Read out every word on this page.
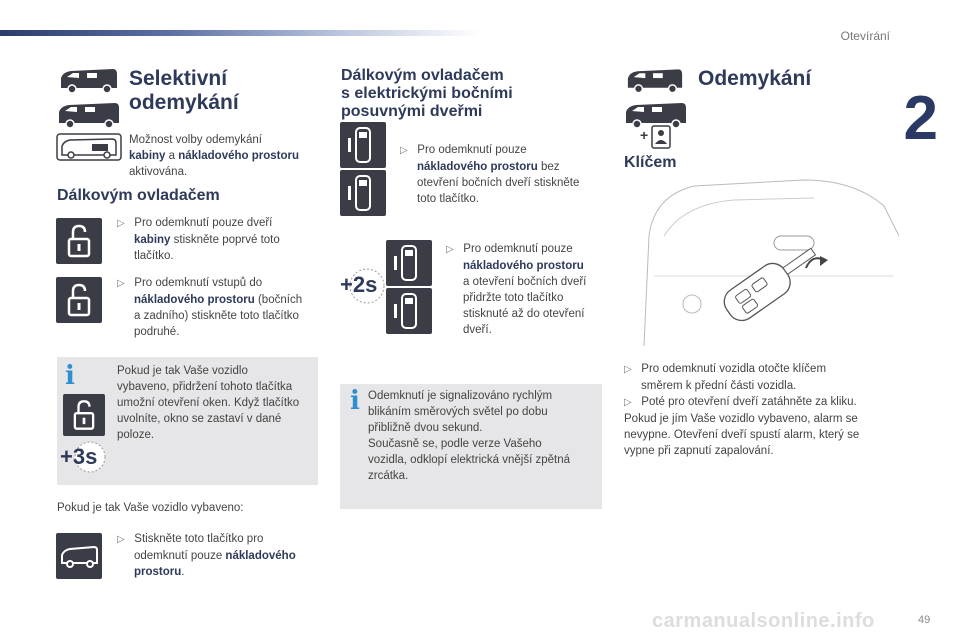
Otevírání
2
Selektivní
odemykání
Možnost volby odemykání
kabiny a nákladového prostoru
aktivována.
Dálkovým ovladačem
▷ Pro odemknutí pouze dveří
kabiny stiskněte poprvé toto
tlačítko.
▷ Pro odemknutí vstupů do
nákladového prostoru (bočních
a zadního) stiskněte toto tlačítko
podruhé.
i
+3s
Pokud je tak Vaše vozidlo
vybaveno, přidržení tohoto tlačítka
umožní otevření oken. Když tlačítko
uvolníte, okno se zastaví v dané
poloze.
Pokud je tak Vaše vozidlo vybaveno:
▷ Stiskněte toto tlačítko pro
odemknutí pouze nákladového
prostoru.
Dálkovým ovladačem
s elektrickými bočními
posuvnými dveřmi
▷ Pro odemknutí pouze
nákladového prostoru bez
otevření bočních dveří stiskněte
toto tlačítko.
+2s
▷ Pro odemknutí pouze
nákladového prostoru
a otevření bočních dveří
přidržte toto tlačítko
stisknuté až do otevření
dveří.
i Odemknutí je signalizováno rychlým
blikáním směrových světel po dobu
přibližně dvou sekund.
Současně se, podle verze Vašeho
vozidla, odklopí elektrická vnější zpětná
zrcátka.
+
Odemykání
Klíčem
▷ Pro odemknutí vozidla otočte klíčem
směrem k přední části vozidla.
▷ Poté pro otevření dveří zatáhněte za kliku.
Pokud je jím Vaše vozidlo vybaveno, alarm se
nevypne. Otevření dveří spustí alarm, který se
vypne při zapnutí zapalování.
carmanualsonline.info	49
